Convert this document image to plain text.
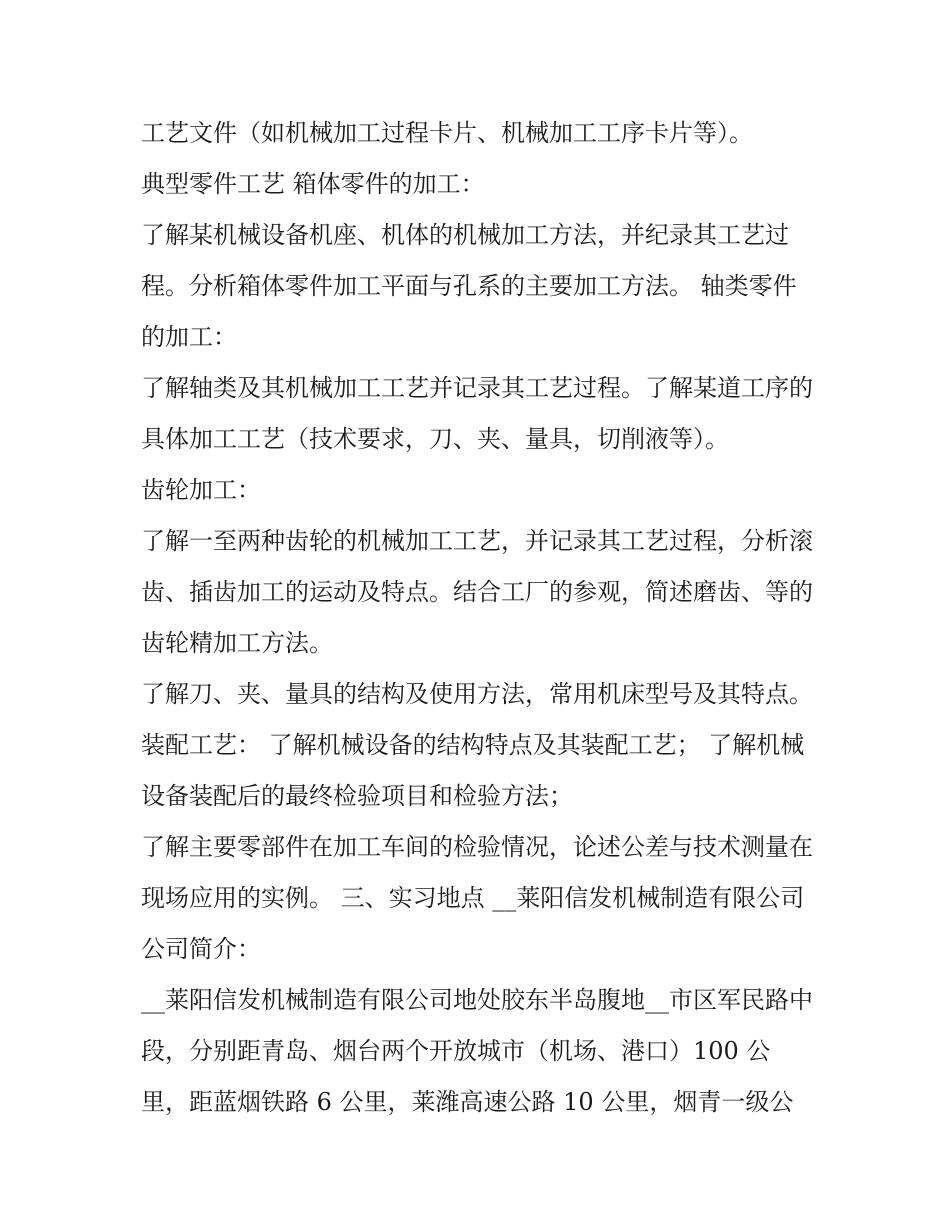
工艺文件（如机械加工过程卡片、机械加工工序卡片等）。

典型零件工艺 箱体零件的加工：

了解某机械设备机座、机体的机械加工方法，并纪录其工艺过程。分析箱体零件加工平面与孔系的主要加工方法。 轴类零件的加工：

了解轴类及其机械加工工艺并记录其工艺过程。了解某道工序的具体加工工艺（技术要求，刀、夹、量具，切削液等）。

齿轮加工：

了解一至两种齿轮的机械加工工艺，并记录其工艺过程，分析滚齿、插齿加工的运动及特点。结合工厂的参观，简述磨齿、等的齿轮精加工方法。

了解刀、夹、量具的结构及使用方法，常用机床型号及其特点。 装配工艺： 了解机械设备的结构特点及其装配工艺； 了解机械设备装配后的最终检验项目和检验方法；

了解主要零部件在加工车间的检验情况，论述公差与技术测量在现场应用的实例。 三、实习地点 __莱阳信发机械制造有限公司 公司简介：

__莱阳信发机械制造有限公司地处胶东半岛腹地__市区军民路中段，分别距青岛、烟台两个开放城市（机场、港口）100 公里，距蓝烟铁路 6 公里，莱潍高速公路 10 公里，烟青一级公
